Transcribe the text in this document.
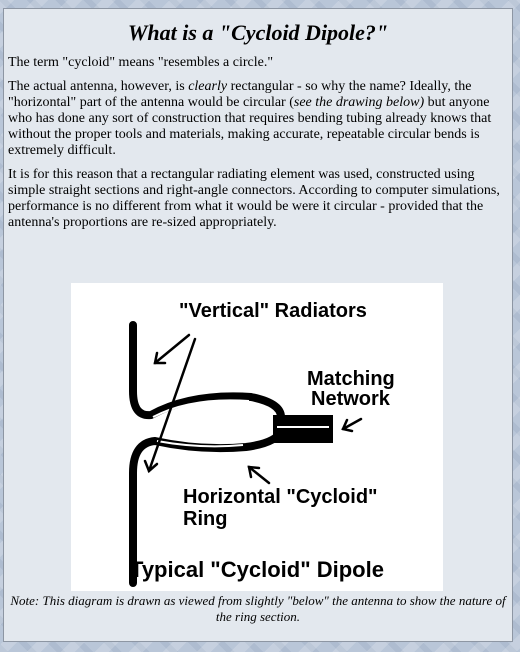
What is a "Cycloid Dipole?"

The term "cycloid" means "resembles a circle."

The actual antenna, however, is clearly rectangular - so why the name? Ideally, the "horizontal" part of the antenna would be circular (see the drawing below) but anyone who has done any sort of construction that requires bending tubing already knows that without the proper tools and materials, making accurate, repeatable circular bends is extremely difficult.

It is for this reason that a rectangular radiating element was used, constructed using simple straight sections and right-angle connectors. According to computer simulations, performance is no different from what it would be were it circular - provided that the antenna's proportions are re-sized appropriately.

"Vertical" Radiators
Matching
Network
Horizontal "Cycloid"
Ring
Typical "Cycloid" Dipole
Note: This diagram is drawn as viewed from slightly "below" the antenna to show the nature of the ring section.
